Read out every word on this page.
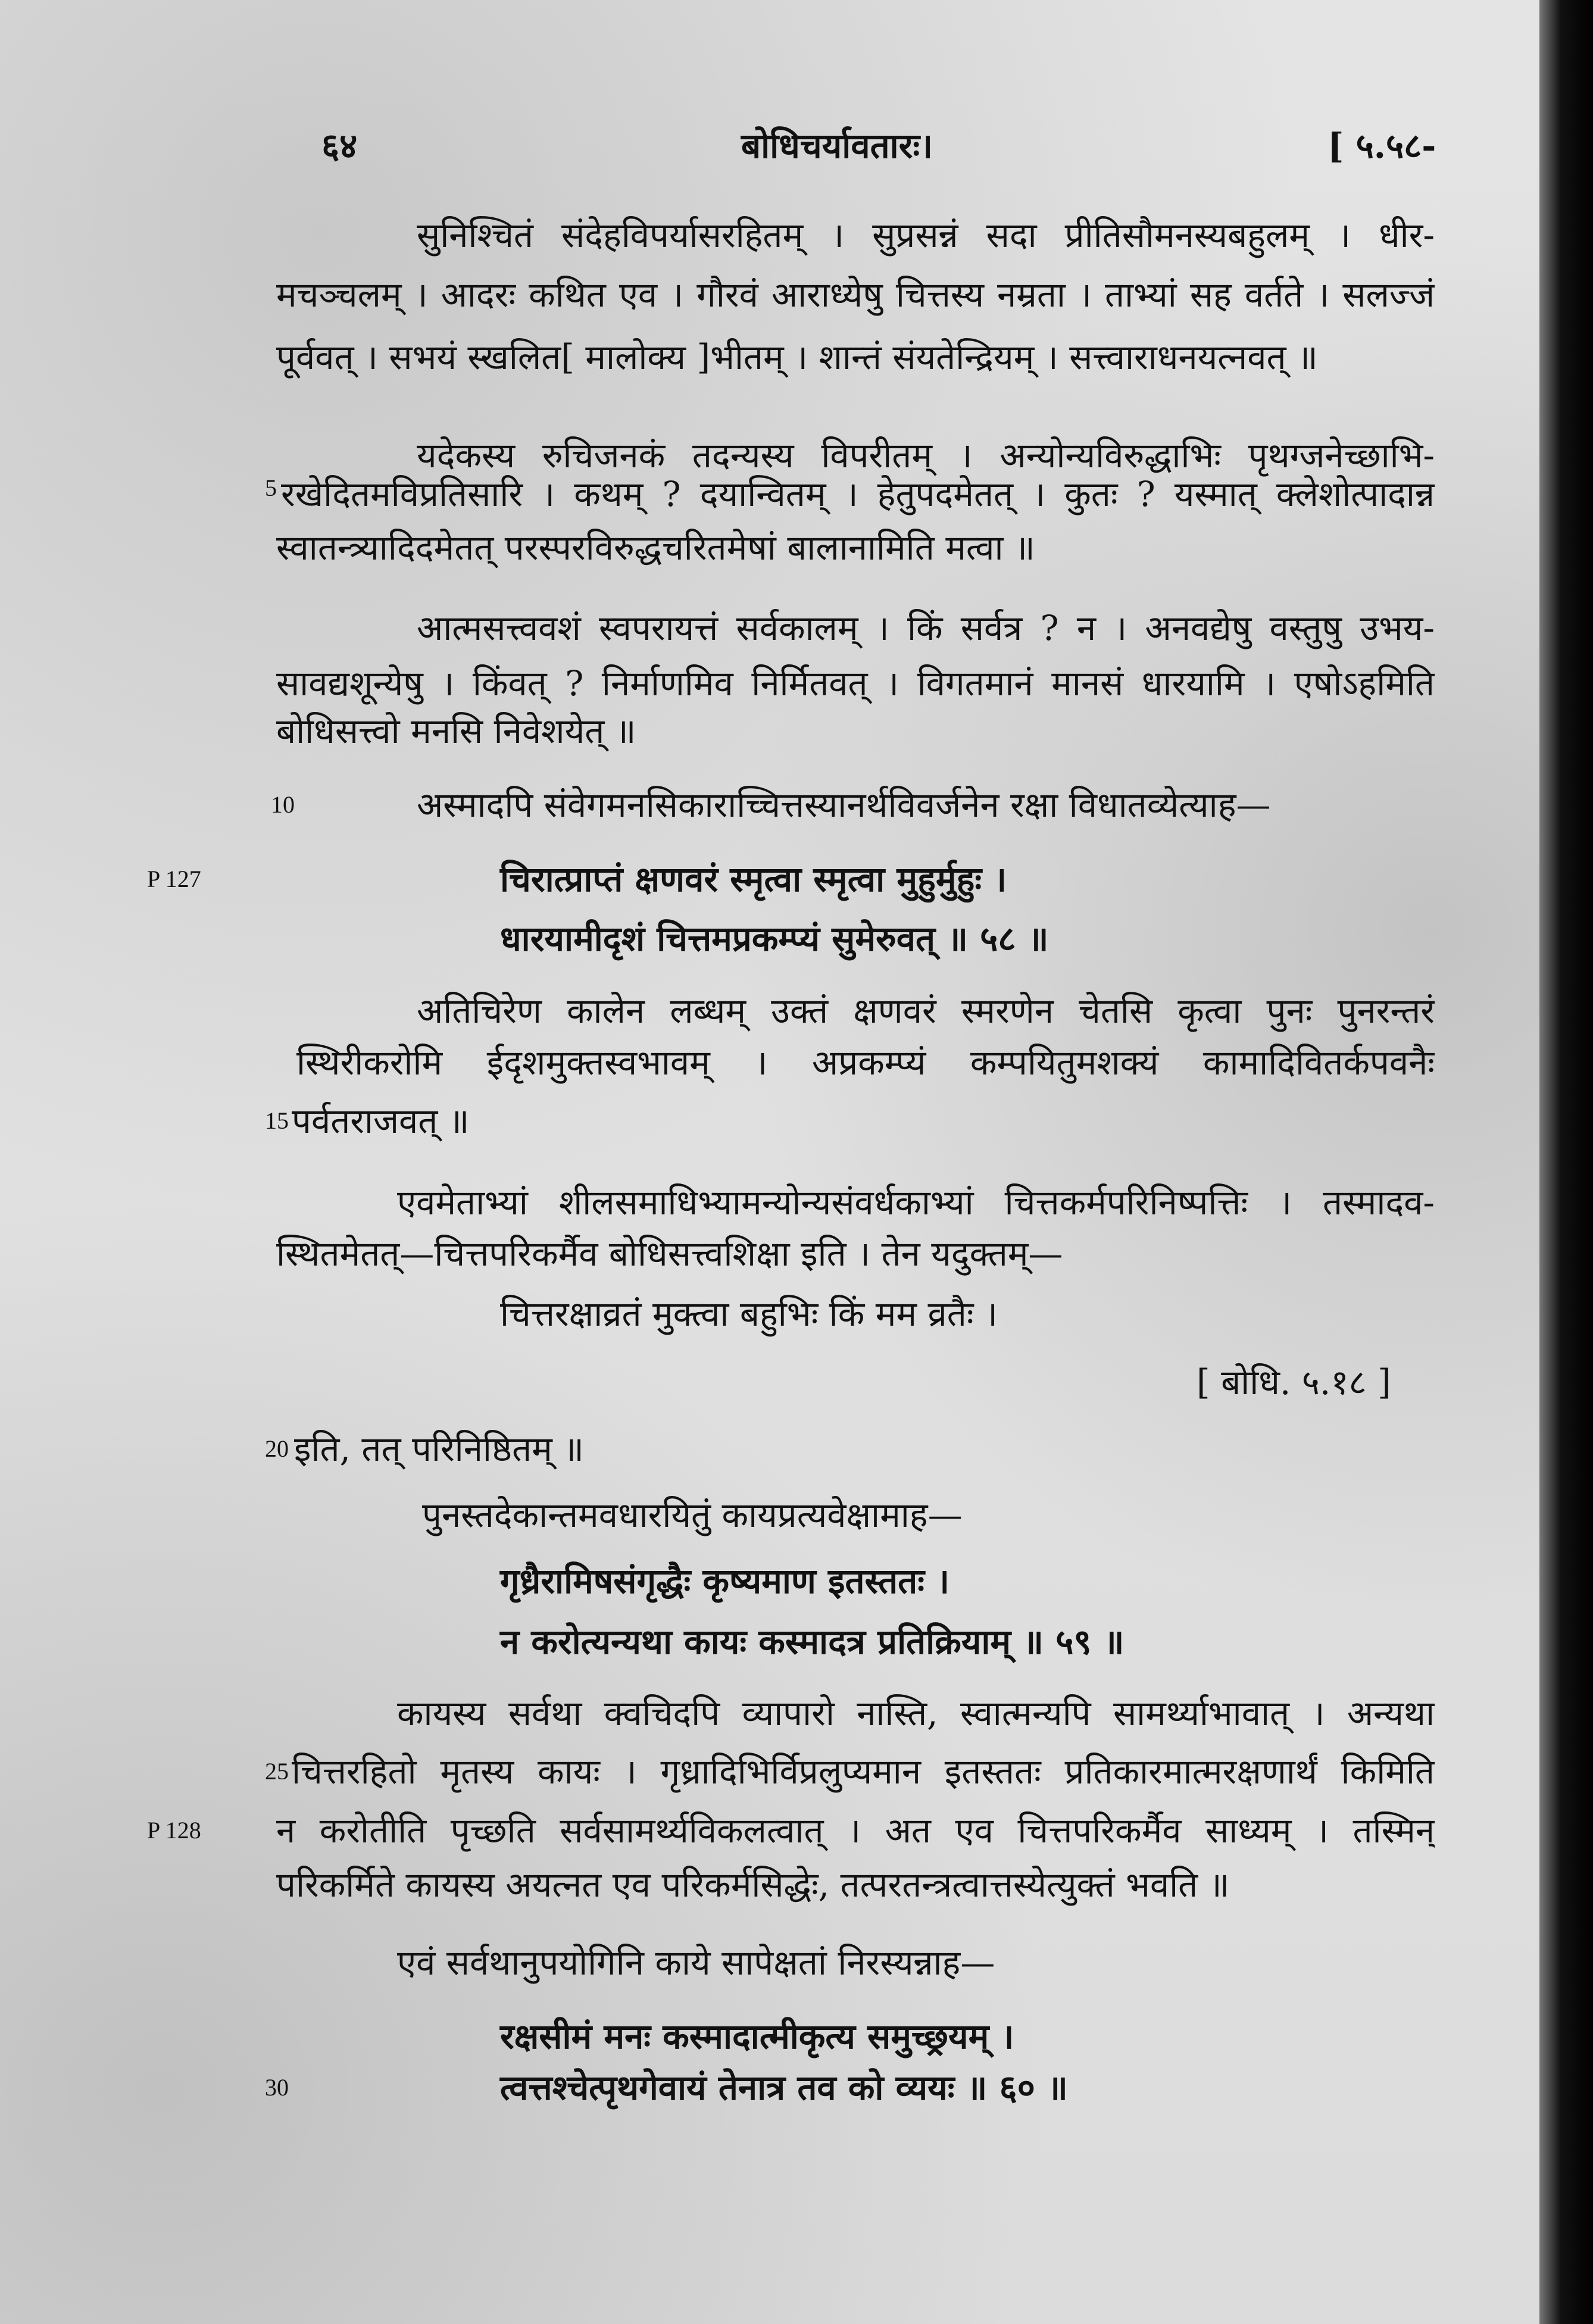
६४	बोधिचर्यावतारः।	[ ५.५८-
सुनिश्चितं संदेहविपर्यासरहितम् । सुप्रसन्नं सदा प्रीतिसौमनस्यबहुलम् । धीर-
मचञ्चलम् । आदरः कथित एव । गौरवं आराध्येषु चित्तस्य नम्रता । ताभ्यां सह वर्तते । सलज्जं
पूर्ववत् । सभयं स्खलित[ मालोक्य ]भीतम् । शान्तं संयतेन्द्रियम् । सत्त्वाराधनयत्नवत् ॥
यदेकस्य रुचिजनकं तदन्यस्य विपरीतम् । अन्योन्यविरुद्धाभिः पृथग्जनेच्छाभि-
5 रखेदितमविप्रतिसारि । कथम् ? दयान्वितम् । हेतुपदमेतत् । कुतः ? यस्मात् क्लेशोत्पादान्न
स्वातन्त्र्यादिदमेतत् परस्परविरुद्धचरितमेषां बालानामिति मत्वा ॥
आत्मसत्त्ववशं स्वपरायत्तं सर्वकालम् । किं सर्वत्र ? न । अनवद्येषु वस्तुषु उभय-
सावद्यशून्येषु । किंवत् ? निर्माणमिव निर्मितवत् । विगतमानं मानसं धारयामि । एषोऽहमिति
बोधिसत्त्वो मनसि निवेशयेत् ॥
10	अस्मादपि संवेगमनसिकाराच्चित्तस्यानर्थविवर्जनेन रक्षा विधातव्येत्याह—
P 127	चिरात्प्राप्तं क्षणवरं स्मृत्वा स्मृत्वा मुहुर्मुहुः ।
धारयामीदृशं चित्तमप्रकम्प्यं सुमेरुवत् ॥ ५८ ॥
अतिचिरेण कालेन लब्धम् उक्तं क्षणवरं स्मरणेन चेतसि कृत्वा पुनः पुनरन्तरं
स्थिरीकरोमि ईदृशमुक्तस्वभावम् । अप्रकम्प्यं कम्पयितुमशक्यं कामादिवितर्कपवनैः
15 पर्वतराजवत् ॥
एवमेताभ्यां शीलसमाधिभ्यामन्योन्यसंवर्धकाभ्यां चित्तकर्मपरिनिष्पत्तिः । तस्मादव-
स्थितमेतत्—चित्तपरिकर्मैव बोधिसत्त्वशिक्षा इति । तेन यदुक्तम्—
चित्तरक्षाव्रतं मुक्त्वा बहुभिः किं मम व्रतैः ।
[ बोधि. ५.१८ ]
20 इति, तत् परिनिष्ठितम् ॥
पुनस्तदेकान्तमवधारयितुं कायप्रत्यवेक्षामाह—
गृध्रैरामिषसंगृद्धैः कृष्यमाण इतस्ततः ।
न करोत्यन्यथा कायः कस्मादत्र प्रतिक्रियाम् ॥ ५९ ॥
कायस्य सर्वथा क्वचिदपि व्यापारो नास्ति, स्वात्मन्यपि सामर्थ्याभावात् । अन्यथा
25 चित्तरहितो मृतस्य कायः । गृध्रादिभिर्विप्रलुप्यमान इतस्ततः प्रतिकारमात्मरक्षणार्थं किमिति
P 128 न करोतीति पृच्छति सर्वसामर्थ्यविकलत्वात् । अत एव चित्तपरिकर्मैव साध्यम् । तस्मिन्
परिकर्मिते कायस्य अयत्नत एव परिकर्मसिद्धेः, तत्परतन्त्रत्वात्तस्येत्युक्तं भवति ॥
एवं सर्वथानुपयोगिनि काये सापेक्षतां निरस्यन्नाह—
रक्षसीमं मनः कस्मादात्मीकृत्य समुच्छ्रयम् ।
30	त्वत्तश्चेत्पृथगेवायं तेनात्र तव को व्ययः ॥ ६० ॥
